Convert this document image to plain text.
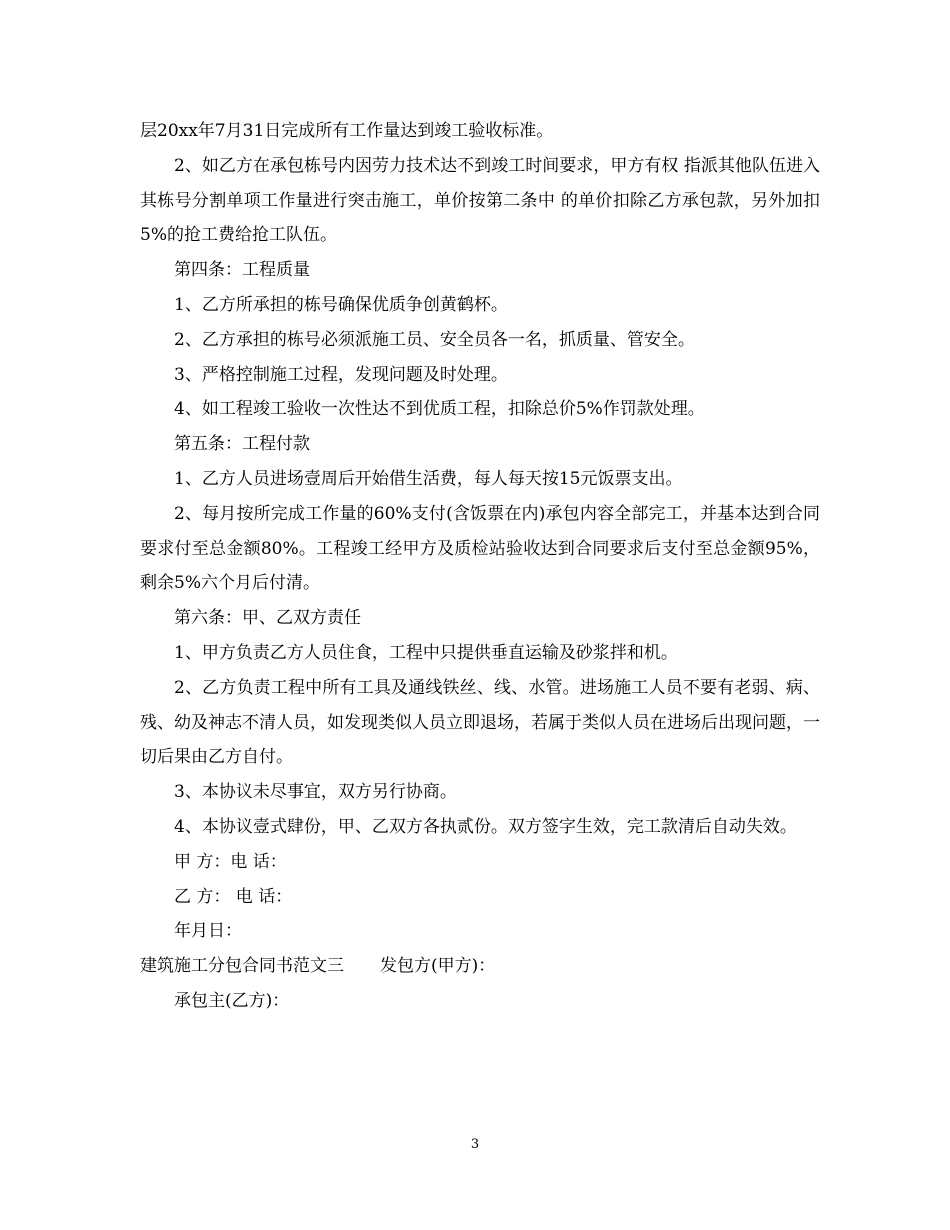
层20xx年7月31日完成所有工作量达到竣工验收标准。

2、如乙方在承包栋号内因劳力技术达不到竣工时间要求，甲方有权 指派其他队伍进入其栋号分割单项工作量进行突击施工，单价按第二条中 的单价扣除乙方承包款，另外加扣5%的抢工费给抢工队伍。

第四条：工程质量

1、乙方所承担的栋号确保优质争创黄鹤杯。

2、乙方承担的栋号必须派施工员、安全员各一名，抓质量、管安全。

3、严格控制施工过程，发现问题及时处理。

4、如工程竣工验收一次性达不到优质工程，扣除总价5%作罚款处理。

第五条：工程付款

1、乙方人员进场壹周后开始借生活费，每人每天按15元饭票支出。

2、每月按所完成工作量的60%支付(含饭票在内)承包内容全部完工，并基本达到合同要求付至总金额80%。工程竣工经甲方及质检站验收达到合同要求后支付至总金额95%，剩余5%六个月后付清。

第六条：甲、乙双方责任

1、甲方负责乙方人员住食，工程中只提供垂直运输及砂浆拌和机。

2、乙方负责工程中所有工具及通线铁丝、线、水管。进场施工人员不要有老弱、病、残、幼及神志不清人员，如发现类似人员立即退场，若属于类似人员在进场后出现问题，一切后果由乙方自付。

3、本协议未尽事宜，双方另行协商。

4、本协议壹式肆份，甲、乙双方各执贰份。双方签字生效，完工款清后自动失效。

甲 方：电 话：

乙 方： 电 话：

年月日：

建筑施工分包合同书范文三 发包方(甲方)：

承包主(乙方)：

3
